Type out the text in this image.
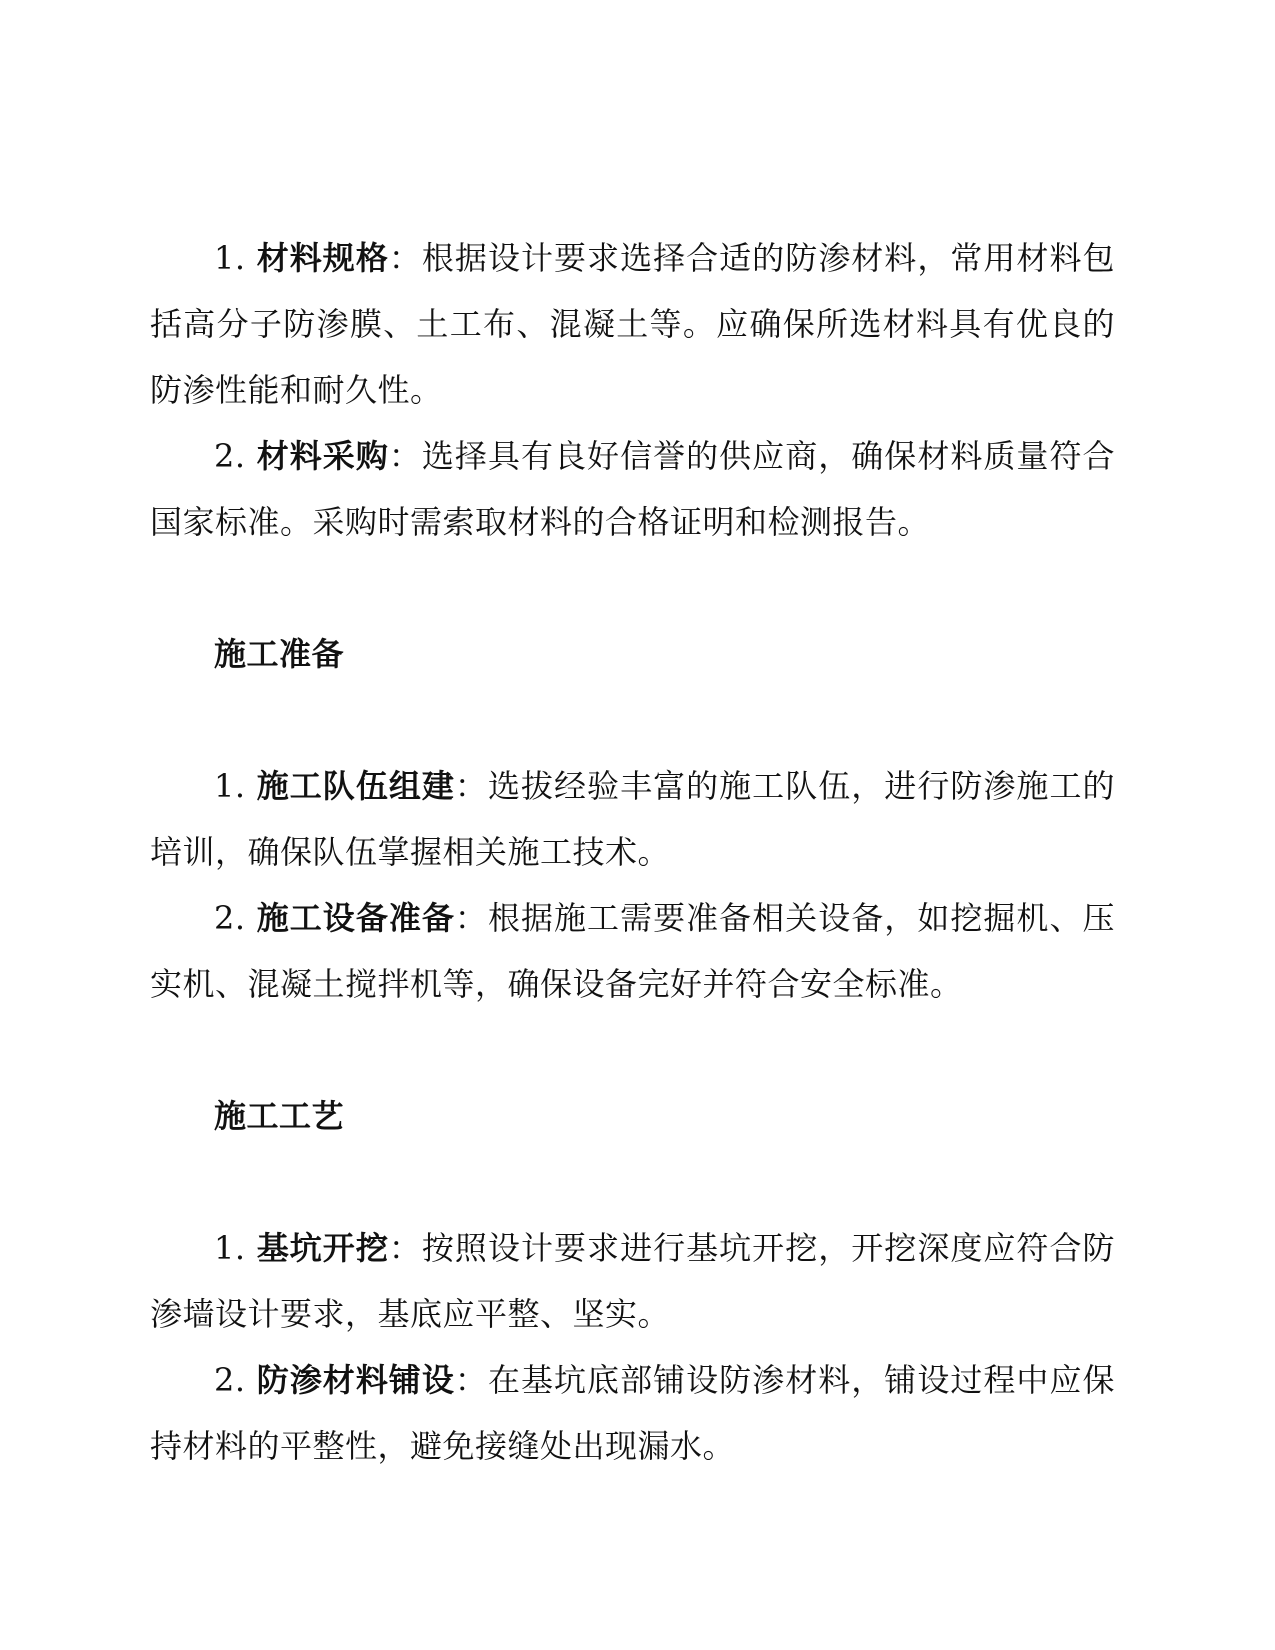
1. 材料规格：根据设计要求选择合适的防渗材料，常用材料包括高分子防渗膜、土工布、混凝土等。应确保所选材料具有优良的防渗性能和耐久性。

2. 材料采购：选择具有良好信誉的供应商，确保材料质量符合国家标准。采购时需索取材料的合格证明和检测报告。

施工准备

1. 施工队伍组建：选拔经验丰富的施工队伍，进行防渗施工的培训，确保队伍掌握相关施工技术。

2. 施工设备准备：根据施工需要准备相关设备，如挖掘机、压实机、混凝土搅拌机等，确保设备完好并符合安全标准。

施工工艺

1. 基坑开挖：按照设计要求进行基坑开挖，开挖深度应符合防渗墙设计要求，基底应平整、坚实。

2. 防渗材料铺设：在基坑底部铺设防渗材料，铺设过程中应保持材料的平整性，避免接缝处出现漏水。
